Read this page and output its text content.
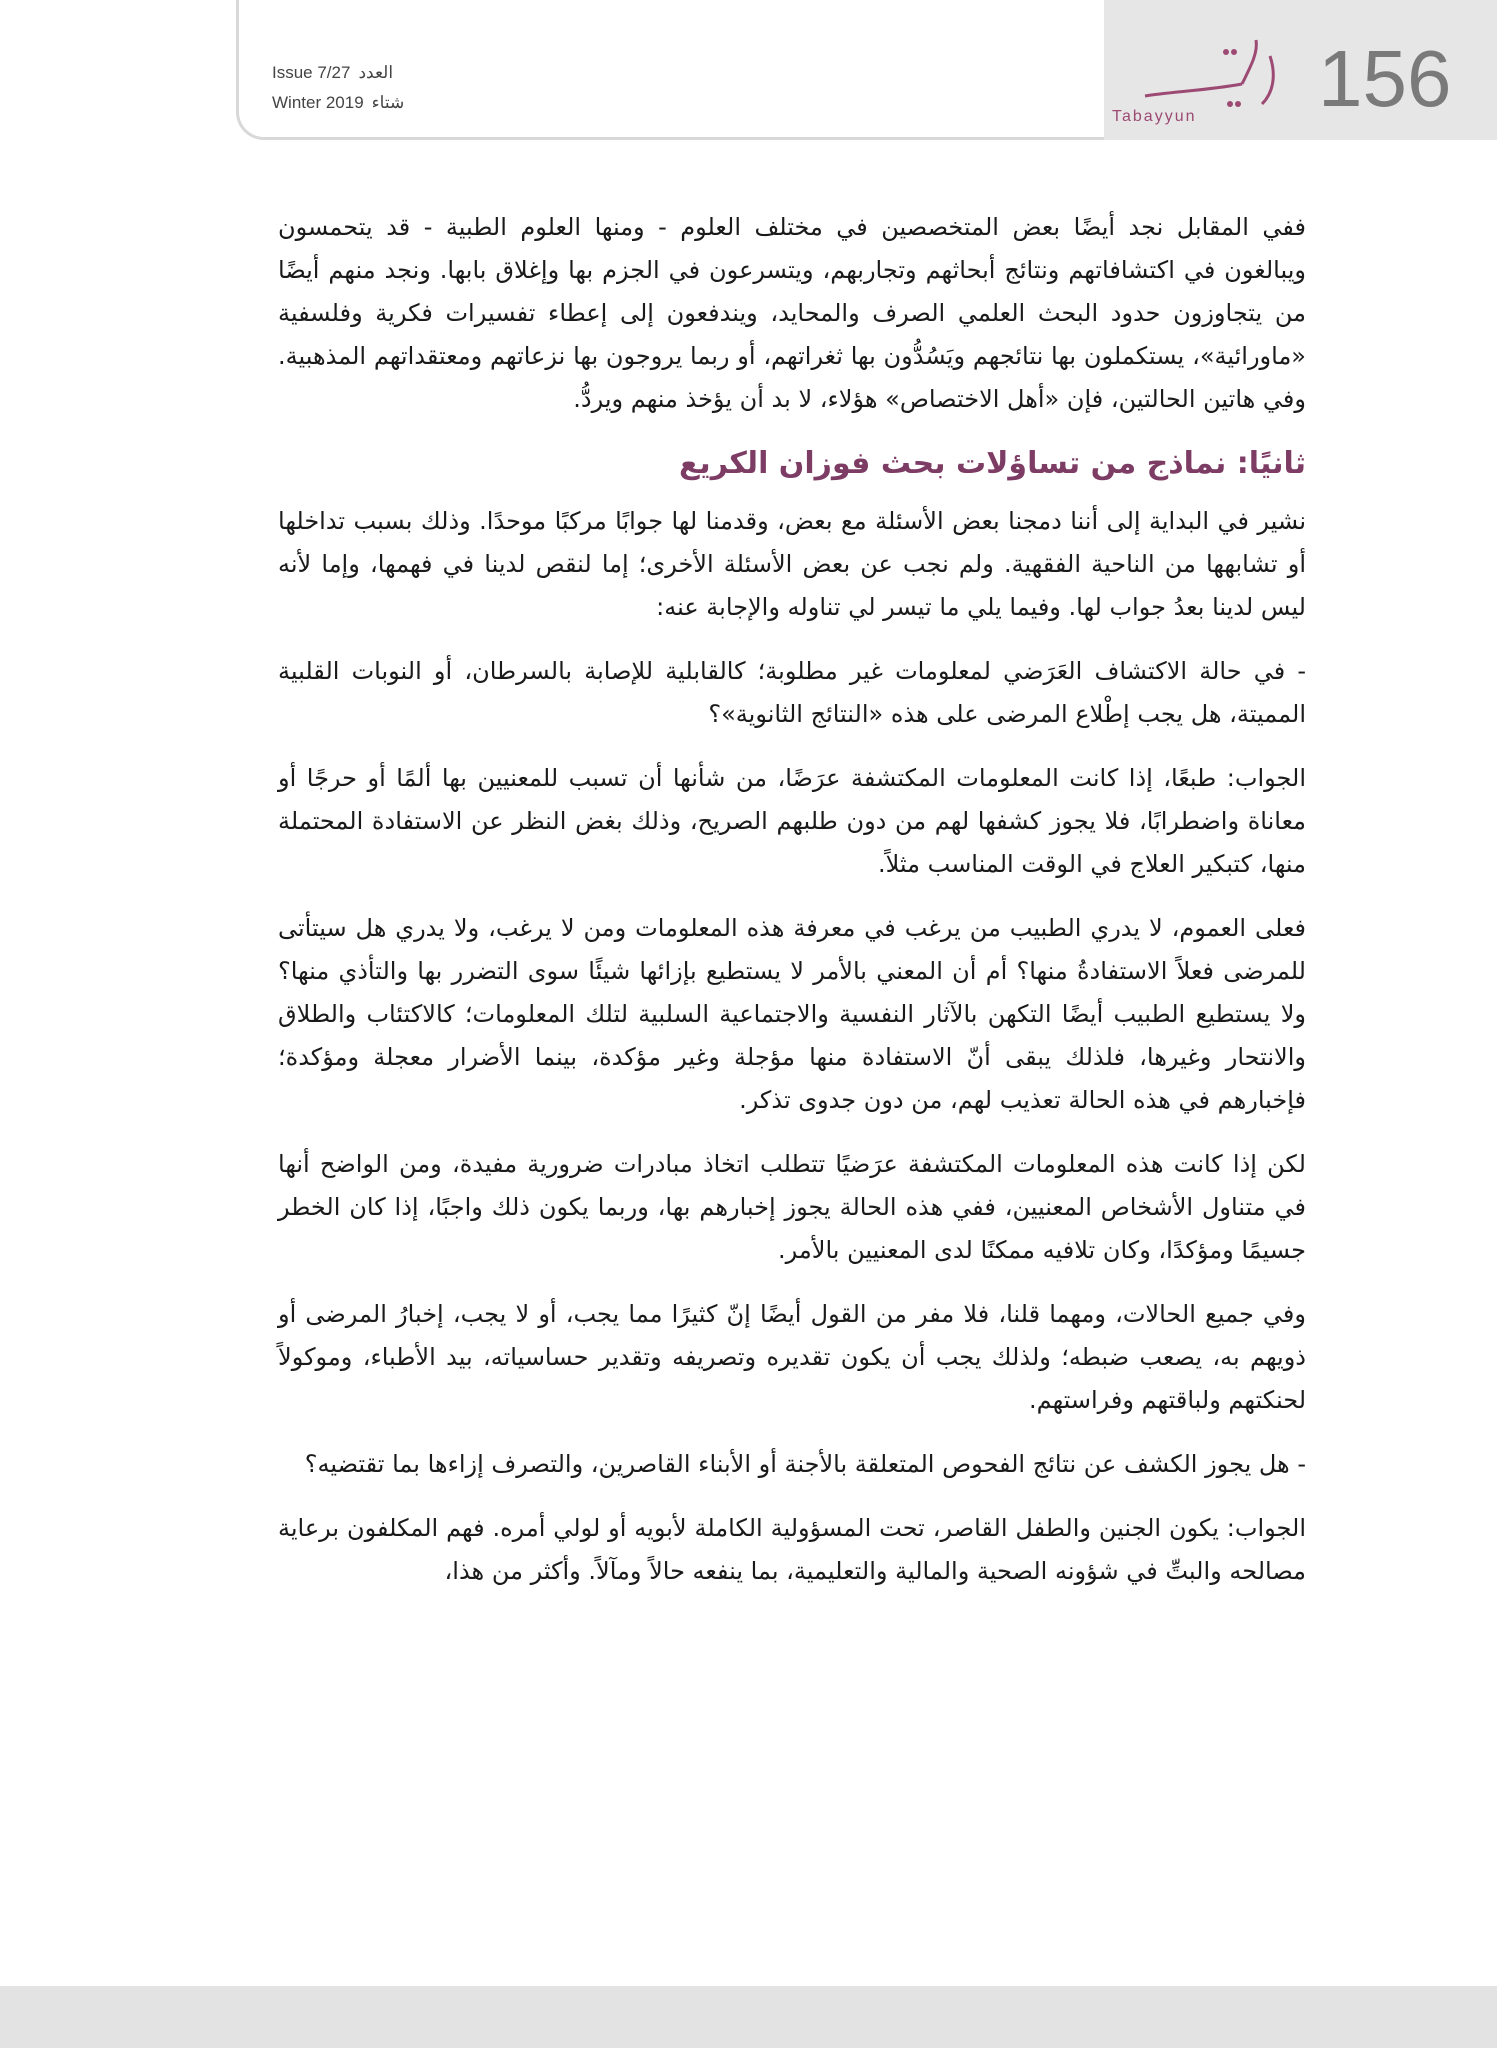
Tabayyun	156
Issue 7/27 العدد
Winter 2019 شتاء

ففي المقابل نجد أيضًا بعض المتخصصين في مختلف العلوم - ومنها العلوم الطبية - قد يتحمسون ويبالغون في اكتشافاتهم ونتائج أبحاثهم وتجاربهم، ويتسرعون في الجزم بها وإغلاق بابها. ونجد منهم أيضًا من يتجاوزون حدود البحث العلمي الصرف والمحايد، ويندفعون إلى إعطاء تفسيرات فكرية وفلسفية «ماورائية»، يستكملون بها نتائجهم ويَسُدُّون بها ثغراتهم، أو ربما يروجون بها نزعاتهم ومعتقداتهم المذهبية. وفي هاتين الحالتين، فإن «أهل الاختصاص» هؤلاء، لا بد أن يؤخذ منهم ويردُّ.

ثانيًا: نماذج من تساؤلات بحث فوزان الكريع

نشير في البداية إلى أننا دمجنا بعض الأسئلة مع بعض، وقدمنا لها جوابًا مركبًا موحدًا. وذلك بسبب تداخلها أو تشابهها من الناحية الفقهية. ولم نجب عن بعض الأسئلة الأخرى؛ إما لنقص لدينا في فهمها، وإما لأنه ليس لدينا بعدُ جواب لها. وفيما يلي ما تيسر لي تناوله والإجابة عنه:

- في حالة الاكتشاف العَرَضي لمعلومات غير مطلوبة؛ كالقابلية للإصابة بالسرطان، أو النوبات القلبية المميتة، هل يجب إطْلاع المرضى على هذه «النتائج الثانوية»؟

الجواب: طبعًا، إذا كانت المعلومات المكتشفة عرَضًا، من شأنها أن تسبب للمعنيين بها ألمًا أو حرجًا أو معاناة واضطرابًا، فلا يجوز كشفها لهم من دون طلبهم الصريح، وذلك بغض النظر عن الاستفادة المحتملة منها، كتبكير العلاج في الوقت المناسب مثلاً.

فعلى العموم، لا يدري الطبيب من يرغب في معرفة هذه المعلومات ومن لا يرغب، ولا يدري هل سيتأتى للمرضى فعلاً الاستفادةُ منها؟ أم أن المعني بالأمر لا يستطيع بإزائها شيئًا سوى التضرر بها والتأذي منها؟ ولا يستطيع الطبيب أيضًا التكهن بالآثار النفسية والاجتماعية السلبية لتلك المعلومات؛ كالاكتئاب والطلاق والانتحار وغيرها، فلذلك يبقى أنّ الاستفادة منها مؤجلة وغير مؤكدة، بينما الأضرار معجلة ومؤكدة؛ فإخبارهم في هذه الحالة تعذيب لهم، من دون جدوى تذكر.

لكن إذا كانت هذه المعلومات المكتشفة عرَضيًا تتطلب اتخاذ مبادرات ضرورية مفيدة، ومن الواضح أنها في متناول الأشخاص المعنيين، ففي هذه الحالة يجوز إخبارهم بها، وربما يكون ذلك واجبًا، إذا كان الخطر جسيمًا ومؤكدًا، وكان تلافيه ممكنًا لدى المعنيين بالأمر.

وفي جميع الحالات، ومهما قلنا، فلا مفر من القول أيضًا إنّ كثيرًا مما يجب، أو لا يجب، إخبارُ المرضى أو ذويهم به، يصعب ضبطه؛ ولذلك يجب أن يكون تقديره وتصريفه وتقدير حساسياته، بيد الأطباء، وموكولاً لحنكتهم ولباقتهم وفراستهم.

- هل يجوز الكشف عن نتائج الفحوص المتعلقة بالأجنة أو الأبناء القاصرين، والتصرف إزاءها بما تقتضيه؟

الجواب: يكون الجنين والطفل القاصر، تحت المسؤولية الكاملة لأبويه أو لولي أمره. فهم المكلفون برعاية مصالحه والبتِّ في شؤونه الصحية والمالية والتعليمية، بما ينفعه حالاً ومآلاً. وأكثر من هذا،
